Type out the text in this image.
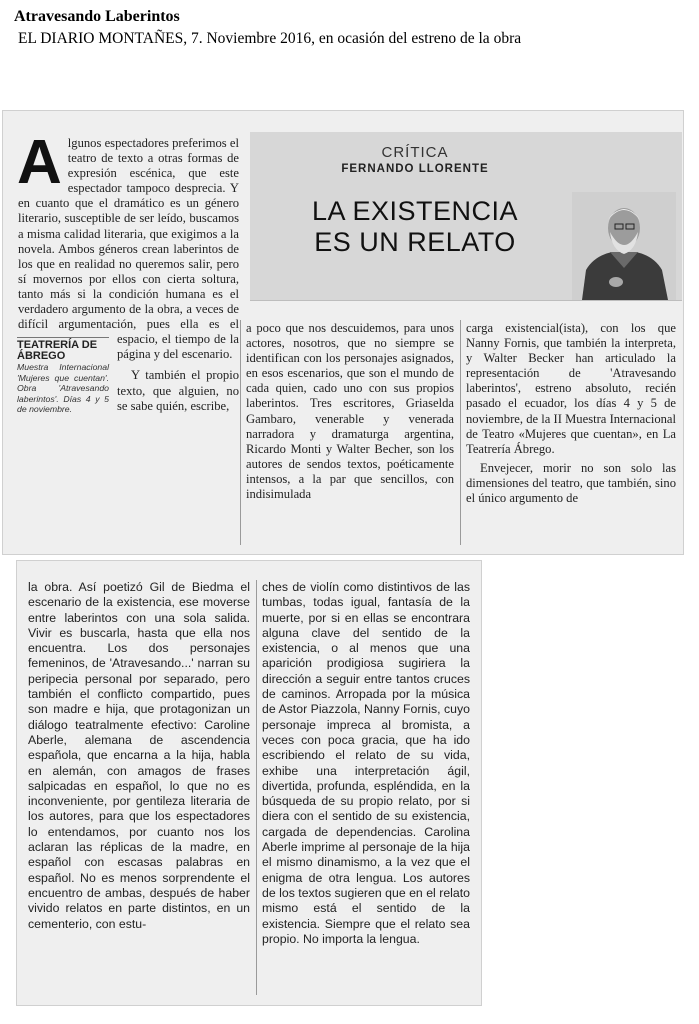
Atravesando Laberintos
EL DIARIO MONTAÑES, 7. Noviembre 2016, en ocasión del estreno de la obra
CRÍTICA
FERNANDO LLORENTE
LA EXISTENCIA
ES UN RELATO
A
TEATRERÍA DE
ÁBREGO
Muestra Internacional 'Mujeres que cuentan'. Obra 'Atravesando laberintos'. Días 4 y 5 de noviembre.

lgunos espectadores preferimos el teatro de texto a otras formas de expresión escénica, que este espectador tampoco desprecia. Y en cuanto que el dramático es un género literario, susceptible de ser leído, buscamos a misma calidad literaria, que exigimos a la novela. Ambos géneros crean laberintos de los que en realidad no queremos salir, pero sí movernos por ellos con cierta soltura, tanto más si la condición humana es el verdadero argumento de la obra, a veces de difícil argumentación, pues ella es el espacio, el tiempo de la página y del escenario.

Y también el propio texto, que alguien, no se sabe quién, escribe,

a poco que nos descuidemos, para unos actores, nosotros, que no siempre se identifican con los personajes asignados, en esos escenarios, que son el mundo de cada quien, cado uno con sus propios laberintos. Tres escritores, Griaselda Gambaro, venerable y venerada narradora y dramaturga argentina, Ricardo Monti y Walter Becher, son los autores de sendos textos, poéticamente intensos, a la par que sencillos, con indisimulada

carga existencial(ista), con los que Nanny Fornis, que también la interpreta, y Walter Becker han articulado la representación de 'Atravesando laberintos', estreno absoluto, recién pasado el ecuador, los días 4 y 5 de noviembre, de la II Muestra Internacional de Teatro «Mujeres que cuentan», en La Teatrería Ábrego.

Envejecer, morir no son solo las dimensiones del teatro, que también, sino el único argumento de

la obra. Así poetizó Gil de Biedma el escenario de la existencia, ese moverse entre laberintos con una sola salida. Vivir es buscarla, hasta que ella nos encuentra. Los dos personajes femeninos, de 'Atravesando...' narran su peripecia personal por separado, pero también el conflicto compartido, pues son madre e hija, que protagonizan un diálogo teatralmente efectivo: Caroline Aberle, alemana de ascendencia española, que encarna a la hija, habla en alemán, con amagos de frases salpicadas en español, lo que no es inconveniente, por gentileza literaria de los autores, para que los espectadores lo entendamos, por cuanto nos los aclaran las réplicas de la madre, en español con escasas palabras en español. No es menos sorprendente el encuentro de ambas, después de haber vivido relatos en parte distintos, en un cementerio, con estu-

ches de violín como distintivos de las tumbas, todas igual, fantasía de la muerte, por si en ellas se encontrara alguna clave del sentido de la existencia, o al menos que una aparición prodigiosa sugiriera la dirección a seguir entre tantos cruces de caminos. Arropada por la música de Astor Piazzola, Nanny Fornis, cuyo personaje impreca al bromista, a veces con poca gracia, que ha ido escribiendo el relato de su vida, exhibe una interpretación ágil, divertida, profunda, espléndida, en la búsqueda de su propio relato, por si diera con el sentido de su existencia, cargada de dependencias. Carolina Aberle imprime al personaje de la hija el mismo dinamismo, a la vez que el enigma de otra lengua. Los autores de los textos sugieren que en el relato mismo está el sentido de la existencia. Siempre que el relato sea propio. No importa la lengua.
